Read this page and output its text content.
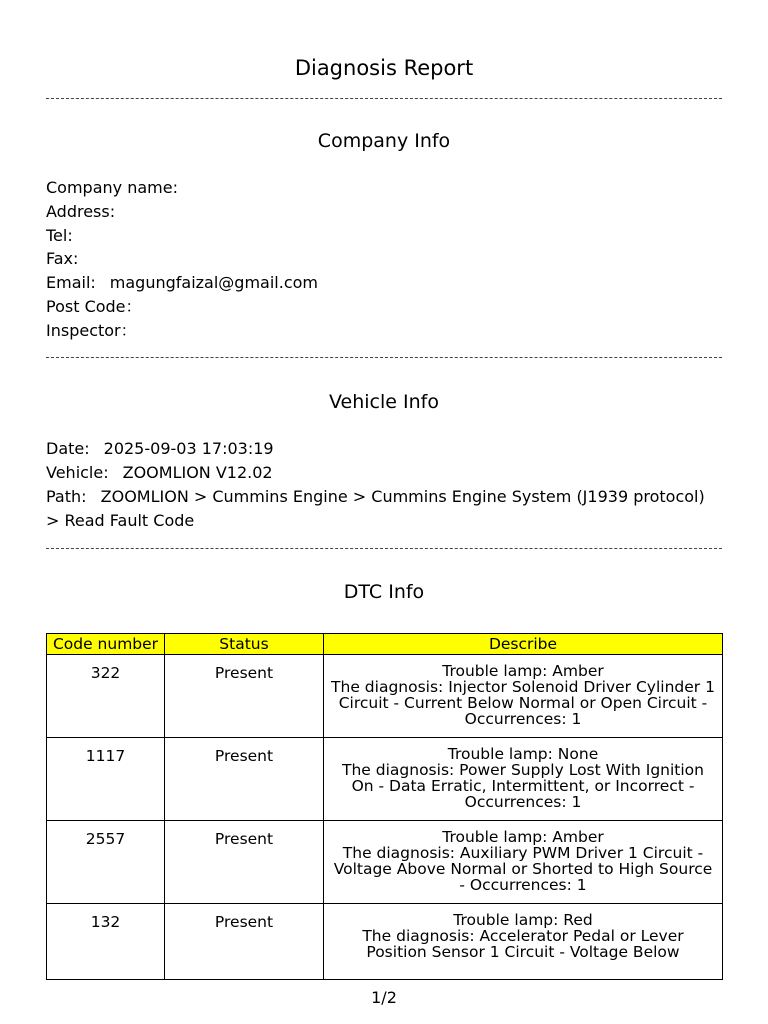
Diagnosis Report
Company Info
Company name:
Address:
Tel:
Fax:
Email: magungfaizal@gmail.com
Post Code：
Inspector：
Vehicle Info
Date: 2025-09-03 17:03:19
Vehicle: ZOOMLION V12.02
Path: ZOOMLION > Cummins Engine > Cummins Engine System (J1939 protocol) > Read Fault Code
DTC Info
Code number	Status	Describe
322	Present	Trouble lamp: Amber
The diagnosis: Injector Solenoid Driver Cylinder 1 Circuit - Current Below Normal or Open Circuit - Occurrences: 1

1117	Present	Trouble lamp: None
The diagnosis: Power Supply Lost With Ignition On - Data Erratic, Intermittent, or Incorrect - Occurrences: 1

2557	Present	Trouble lamp: Amber
The diagnosis: Auxiliary PWM Driver 1 Circuit - Voltage Above Normal or Shorted to High Source - Occurrences: 1

132	Present	Trouble lamp: Red
The diagnosis: Accelerator Pedal or Lever Position Sensor 1 Circuit - Voltage Below
1/2
